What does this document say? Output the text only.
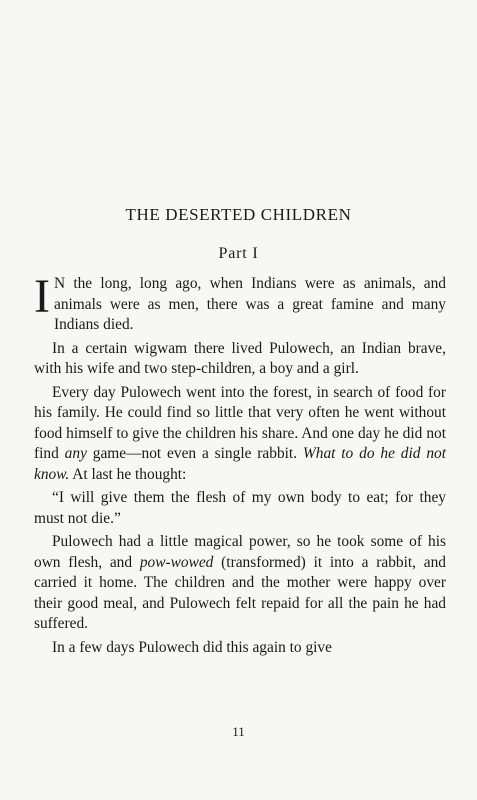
THE DESERTED CHILDREN
Part I

I N the long, long ago, when Indians were as animals, and animals were as men, there was a great famine and many Indians died.

In a certain wigwam there lived Pulowech, an Indian brave, with his wife and two step-children, a boy and a girl.

Every day Pulowech went into the forest, in search of food for his family. He could find so little that very often he went without food himself to give the children his share. And one day he did not find any game—not even a single rabbit. What to do he did not know. At last he thought:

“I will give them the flesh of my own body to eat; for they must not die.”

Pulowech had a little magical power, so he took some of his own flesh, and pow-wowed (transformed) it into a rabbit, and carried it home. The children and the mother were happy over their good meal, and Pulowech felt repaid for all the pain he had suffered.

In a few days Pulowech did this again to give

11
